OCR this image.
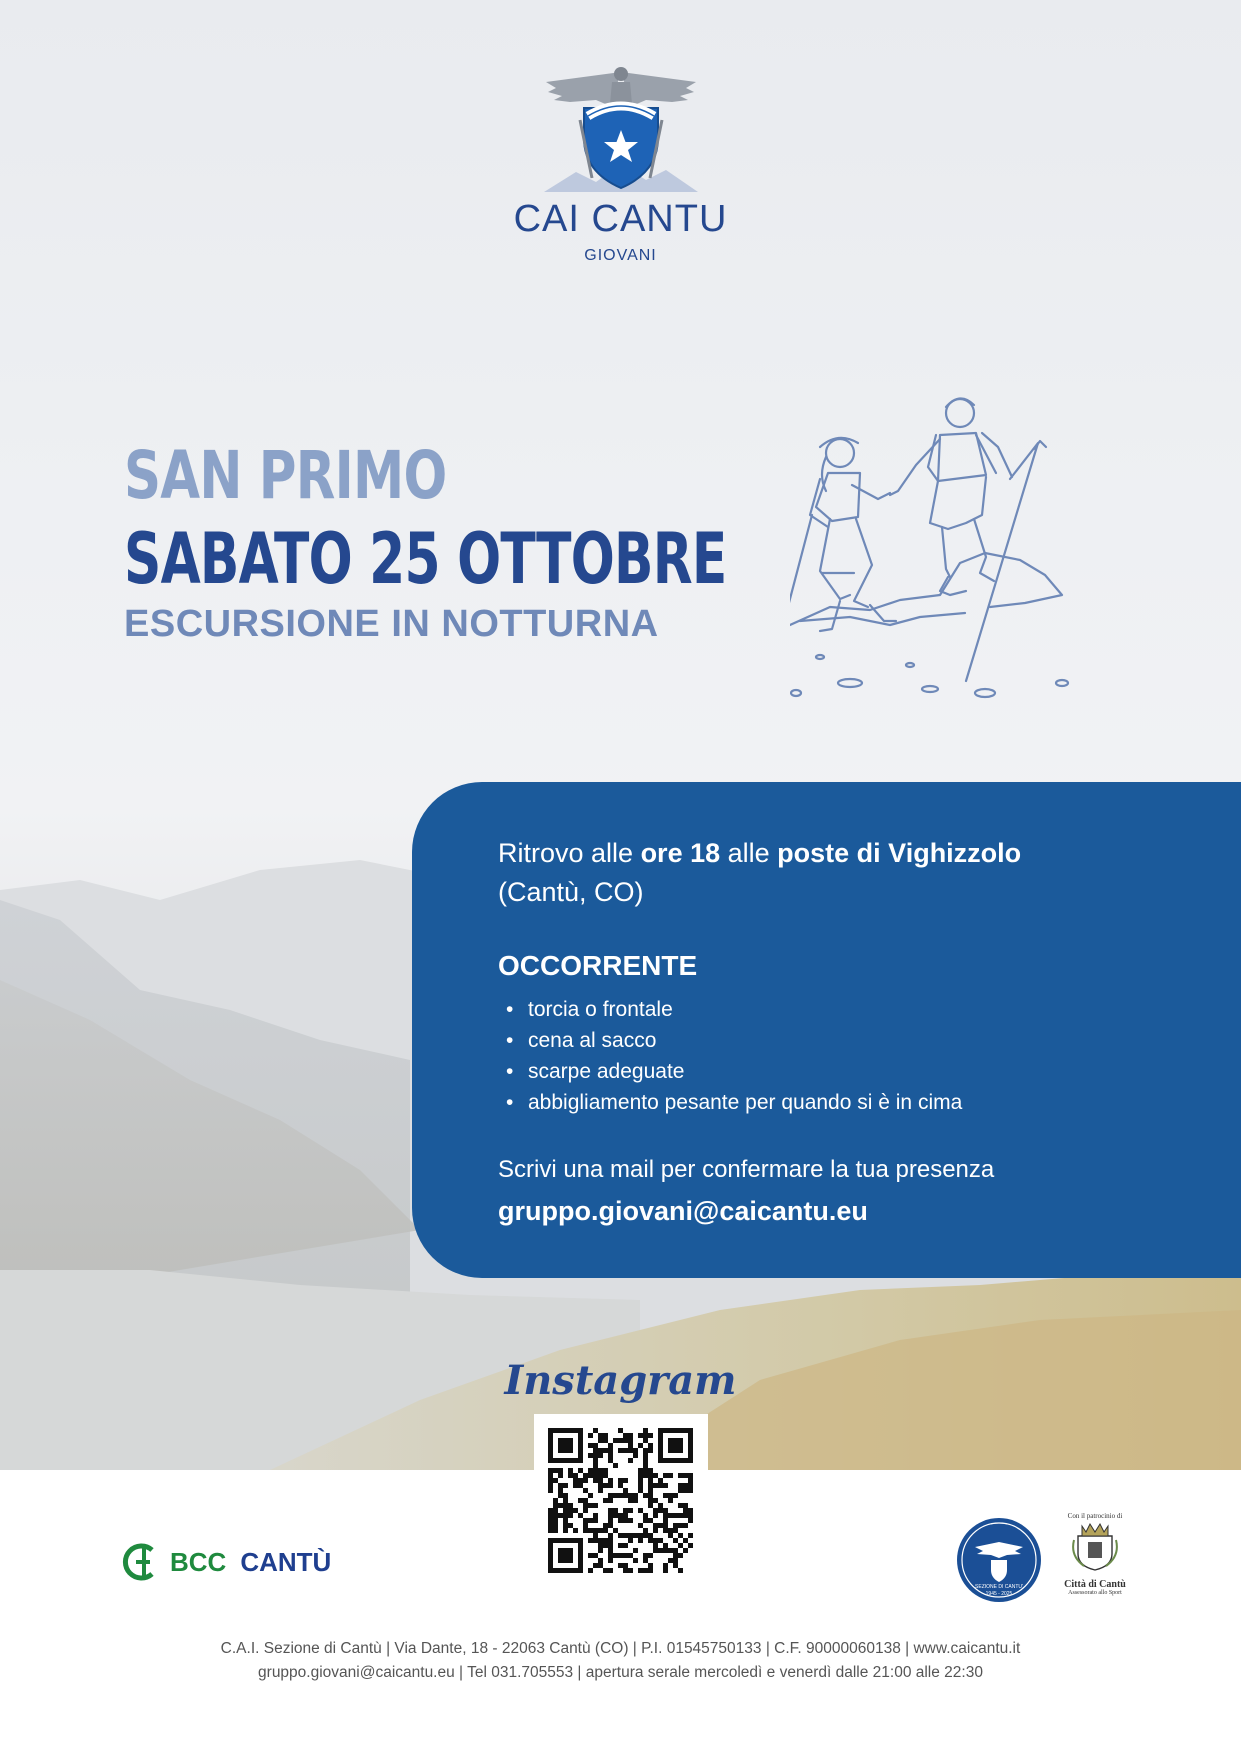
CAI CANTU
GIOVANI
SAN PRIMO
SABATO 25 OTTOBRE
ESCURSIONE IN NOTTURNA
Ritrovo alle ore 18 alle poste di Vighizzolo
(Cantù, CO)
OCCORRENTE
• torcia o frontale
• cena al sacco
• scarpe adeguate
• abbigliamento pesante per quando si è in cima
Scrivi una mail per confermare la tua presenza
gruppo.giovani@caicantu.eu
Instagram
BCC CANTÙ
SEZIONE DI CANTU'
1945 - 2025
Con il patrocinio di
Città di Cantù
Assessorato allo Sport
C.A.I. Sezione di Cantù | Via Dante, 18 - 22063 Cantù (CO) | P.I. 01545750133 | C.F. 90000060138 | www.caicantu.it
gruppo.giovani@caicantu.eu | Tel 031.705553 | apertura serale mercoledì e venerdì dalle 21:00 alle 22:30
